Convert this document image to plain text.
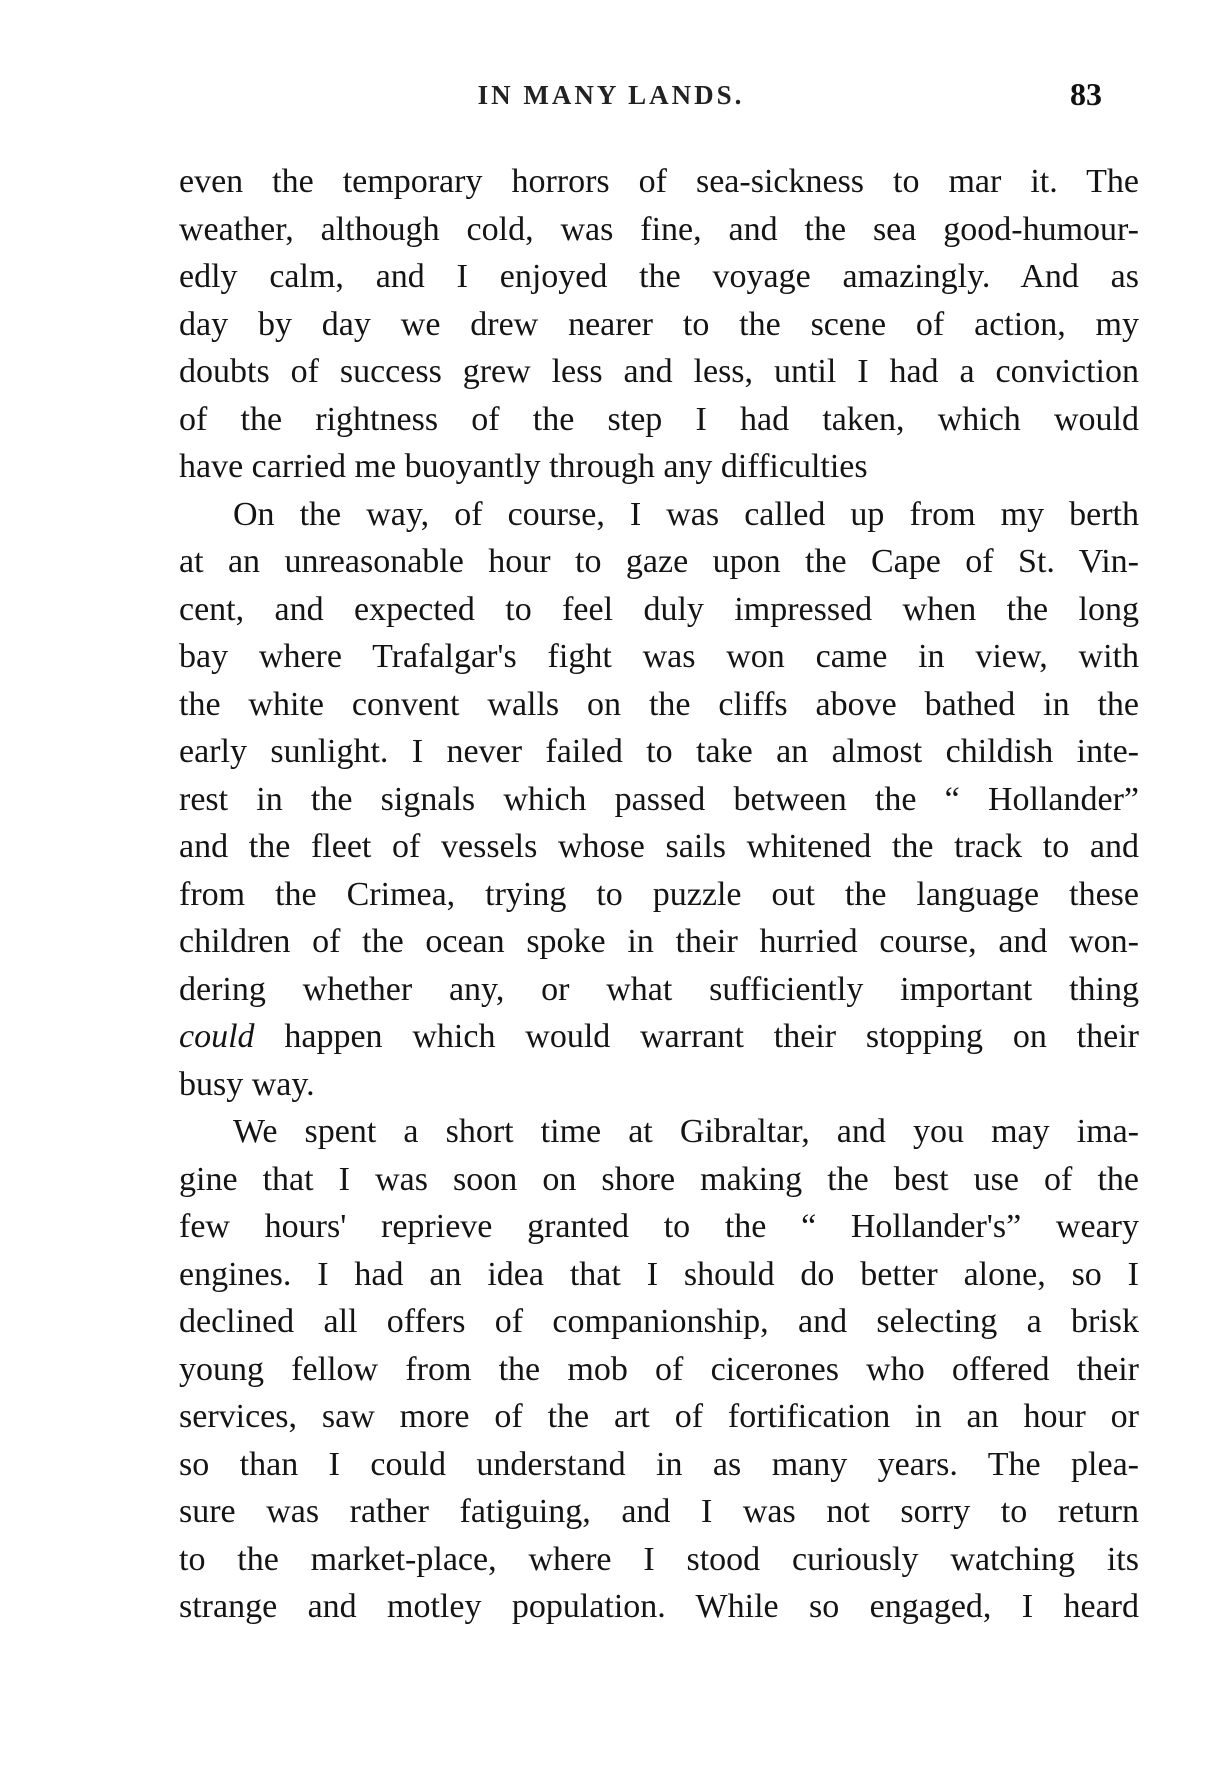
IN MANY LANDS.	83
even the temporary horrors of sea-sickness to mar it. The
weather, although cold, was fine, and the sea good-humour-
edly calm, and I enjoyed the voyage amazingly. And as
day by day we drew nearer to the scene of action, my
doubts of success grew less and less, until I had a conviction
of the rightness of the step I had taken, which would
have carried me buoyantly through any difficulties
On the way, of course, I was called up from my berth
at an unreasonable hour to gaze upon the Cape of St. Vin-
cent, and expected to feel duly impressed when the long
bay where Trafalgar's fight was won came in view, with
the white convent walls on the cliffs above bathed in the
early sunlight. I never failed to take an almost childish inte-
rest in the signals which passed between the “ Hollander”
and the fleet of vessels whose sails whitened the track to and
from the Crimea, trying to puzzle out the language these
children of the ocean spoke in their hurried course, and won-
dering whether any, or what sufficiently important thing
could happen which would warrant their stopping on their
busy way.
We spent a short time at Gibraltar, and you may ima-
gine that I was soon on shore making the best use of the
few hours' reprieve granted to the “ Hollander's” weary
engines. I had an idea that I should do better alone, so I
declined all offers of companionship, and selecting a brisk
young fellow from the mob of cicerones who offered their
services, saw more of the art of fortification in an hour or
so than I could understand in as many years. The plea-
sure was rather fatiguing, and I was not sorry to return
to the market-place, where I stood curiously watching its
strange and motley population. While so engaged, I heard
